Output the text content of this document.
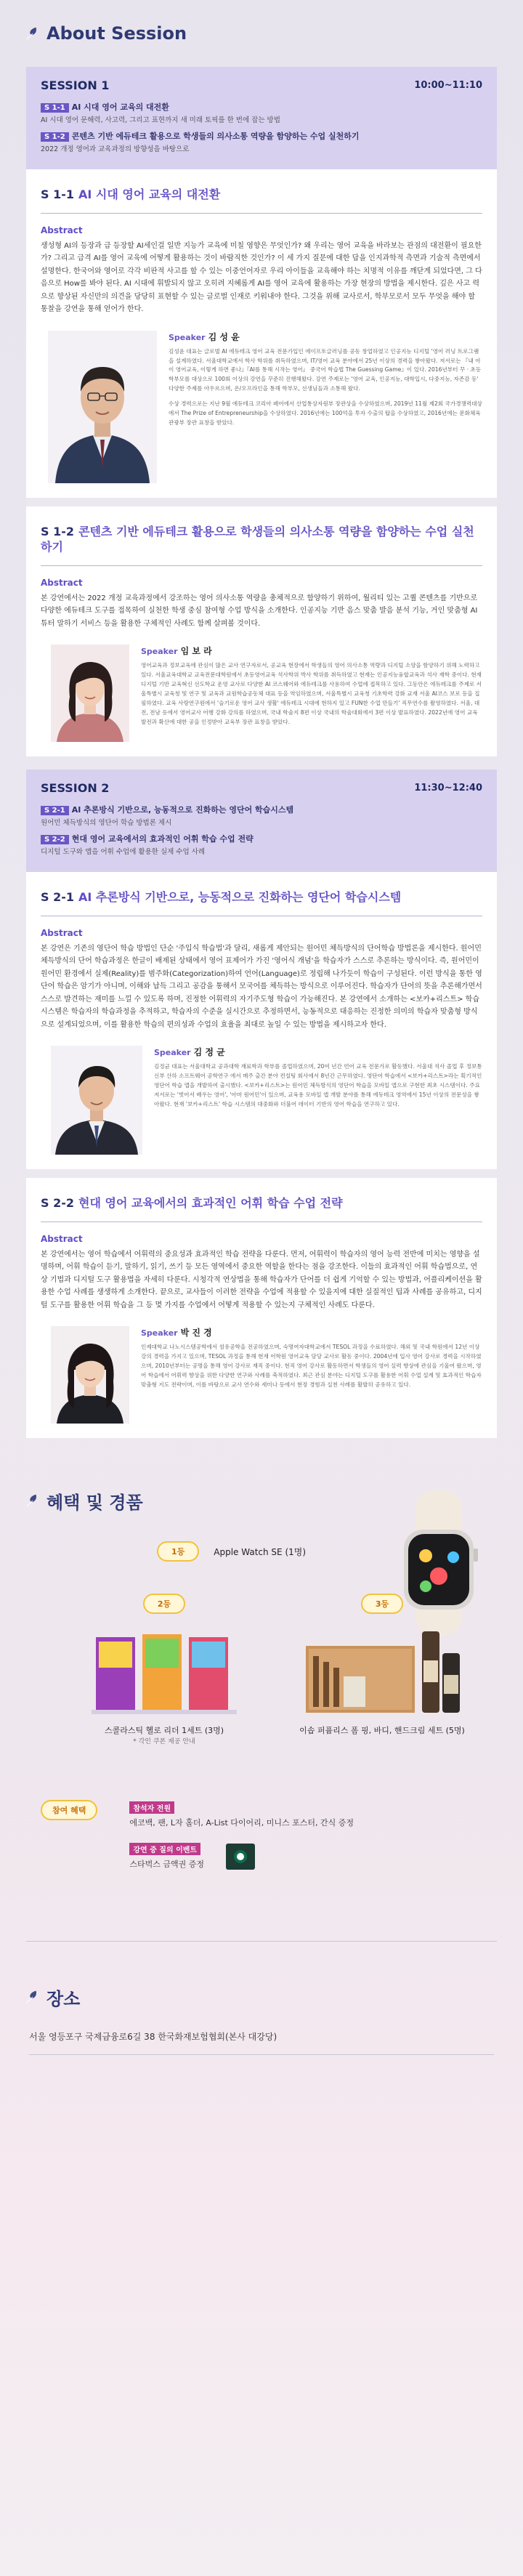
About Session
SESSION 1	10:00~11:10
S 1-1 AI 시대 영어 교육의 대전환
AI 시대 영어 문해력, 사고력, 그리고 표현까지 새 미래 토픽를 한 번에 잡는 방법
S 1-2 콘텐츠 기반 에듀테크 활용으로 학생들의 의사소통 역량을 함양하는 수업 실천하기
2022 개정 영어과 교육과정의 방향성을 바탕으로
S 1-1 AI 시대 영어 교육의 대전환
Abstract

생성형 AI의 등장과 급 등장할 AI세인걸 일반 지능가 교육에 미칠 영향은 무엇인가? 왜 우리는 영어 교육을 바라보는 관점의 대전환이 필요한가? 그리고 급격 AI를 영어 교육에 어떻게 활용하는 것이 바람직한 것인가? 이 세 가지 질문에 대한 답을 인지과학적 측면과 기술적 측면에서 설명한다. 한국어와 영어로 각각 비판적 사고를 할 수 있는 이중언어자로 우리 아이들을 교육해야 하는 치명적 이유를 깨닫게 되었다면, 그 다음으로 How를 봐야 된다. AI 시대에 휘발되지 않고 오히려 지혜롭게 AI를 영어 교육에 활용하는 가장 현장의 방법을 제시한다. 깊은 사고 력으로 향상된 자신만의 의견을 당당히 표현할 수 있는 글로벌 인재로 키워내야 한다. 그것을 위해 교사로서, 학부모로서 모두 무엇을 해야 할 통찰을 강연을 통해 얻어가 한다.

Speaker 김 성 윤

김성윤 대표는 글로벌 AI 에듀테크 영어 교육 전문가입인 에이프토글러닝를 공동 창업하였고 인공지능 디지털 '영어 러닝 트로그램을 설계하였다. 서울대학교에서 학사 학위를 취득하였으며, IT/영어 교육 분야에서 25년 이상의 경력을 쌓아왔다. 저서로는 『내 아이 영어교육, 이렇게 하면 좋나』『AI를 통해 시작는 영어』 중국어 학습법 The Guessing Game』이 있다. 2016년부터 꾸 · 초등 학부모를 대상으로 100회 이상의 강연을 꾸준히 진행해왔다. 강연 주제로는 '영어 교육, 인공지능, 대학입시, 다중지능, 자존감 등' 다양한 주제를 아우르으며, 온/오프라인을 통해 학부모, 선생님들과 소통해 왔다.

수상 경력으로는 지난 9월 에듀테크 코리아 페어에서 산업통상자원부 장관상을 수상하였으며, 2019년 11월 제2회 국가경쟁력대상에서 The Prize of Entrepreneurship을 수상하였다. 2016년에는 100억을 투자 수출의 탑을 수상하였고, 2016년에는 문화체육관광부 장관 표창을 받았다.

S 1-2 콘텐츠 기반 에듀테크 활용으로 학생들의 의사소통 역량을 함양하는 수업 실천하기
Abstract

본 강연에서는 2022 개정 교육과정에서 강조하는 영어 의사소통 역량을 총체적으로 함양하기 위하여, 월리티 있는 고퀄 콘텐츠를 기반으로 다양한 에듀테크 도구를 접목하여 실천한 학생 중심 참여형 수업 방식을 소개한다. 인공지능 기반 음스 맞춤 발음 분석 기능, 거인 맞춤형 AI 튜터 말하기 서비스 등을 활용한 구체적인 사례도 함께 살펴볼 것이다.

Speaker 임 보 라

영어교육과 정보교육에 관심이 많은 교사 연구자로서, 공교육 현장에서 학생들의 영어 의사소통 역량과 디지털 소양을 함양하기 위해 노력하고 있다. 서울교육대학교 교육전문대학원에서 초등영어교육 석사학위 박사 학위를 취득하였고 현재는 인공지능융합교육과 석사 재학 중이다. 현재 디지털 기반 교육혁신 선도학교 운영 교사로 다양한 AI 코스웨어와 에듀테크를 사용하여 수업에 접목하고 있다. 그동안은 에듀테크를 주제로 서울특별시 교육청 및 연구 및 교육과 교원학습공동체 대표 등을 역임하였으며, 서울특별시 교육청 기초학력 강화 교재 서울 AI코스 보로 등을 집필하였다. 교육 사랑연구원에서 '슬기로운 영어 교사 생활' 에듀테크 시대에 현하지 있고 FUN한 수업 만들기' 직무연수를 촬영하였다. 서울, 대전, 전남 등에서 영어교사 어행 강화 강의를 하였으며, 국내 학술지 8편 이상 국내의 학술대회에서 3편 이상 발표하였다. 2022년에 영어 교육 발전과 확산에 대한 공을 인정받아 교육부 장관 표창을 받았다.

SESSION 2	11:30~12:40
S 2-1 AI 추론방식 기반으로, 능동적으로 진화하는 영단어 학습시스템
원어민 체득방식의 영단어 학습 방법론 제시
S 2-2 현대 영어 교육에서의 효과적인 어휘 학습 수업 전략
디지털 도구와 앱을 어휘 수업에 활용한 실제 수업 사례
S 2-1 AI 추론방식 기반으로, 능동적으로 진화하는 영단어 학습시스템
Abstract

본 강연은 기존의 영단어 학습 방법인 단순 '주입식 학습법'과 달리, 새롭게 제안되는 원어민 체득방식의 단어학습 방법론을 제시한다. 원어민 체득방식의 단어 학습과정은 한글이 배제된 상태에서 영어 표제어가 가진 '영어식 개념'을 학습자가 스스로 추론하는 방식이다. 즉, 원어민이 원어민 환경에서 실제(Reality)를 범주화(Categorization)하여 언어(Language)로 정립해 나가듯이 학습이 구성된다. 이런 방식을 통한 영단어 학습은 암기가 아니며, 이해와 납득 그리고 공감을 통해서 모국어를 체득하는 방식으로 이루어진다. 학습자가 단어의 뜻을 추론해가면서 스스로 발견하는 재미를 느낄 수 있도록 하며, 진정한 어휘력의 자기주도형 학습이 가능해진다. 본 강연에서 소개하는 <보카+리스트> 학습시스템은 학습자의 학습과정을 추적하고, 학습자의 수준을 실시간으로 추정하면서, 능동적으로 대응하는 진정한 의미의 학습자 맞춤형 방식으로 설계되었으며, 이를 활용한 학습의 편의성과 수업의 효율을 최대로 높일 수 있는 방법을 제시하고자 한다.

Speaker 김 정 균

김정균 대표는 서울대학교 공과대학 재료학과 학부를 졸업하였으며, 20여 년간 언어 교육 전문가로 활동했다. 서울대 석사 졸업 후 정보통신부 산하 소프트웨어 공학연구 에서 매주 출간 분야 컨설팅 회사에서 8년간 근무하였다. 영단어 학습에서 <보카+리스트>라는 획기적인 영단어 학습 앱을 개발하여 출시했다. <보카+리스트>는 원어민 체득방식의 영단어 학습을 모바일 앱으로 구현한 최초 시스템이다. 주요 저서로는 '벗어서 배우는 영어', '아마 원어민'이 있으며, 교육용 모바일 앱 개발 분야를 통해 에듀테크 영역에서 15년 이상의 전문성을 쌓아왔다. 현재 '보카+리스트' 학습 시스템의 대중화와 더불어 데이터 기반의 영어 학습을 연구하고 있다.

S 2-2 현대 영어 교육에서의 효과적인 어휘 학습 수업 전략
Abstract

본 강연에서는 영어 학습에서 어휘력의 중요성과 효과적인 학습 전략을 다룬다. 먼저, 어휘력이 학습자의 영어 능력 전반에 미치는 영향을 설명하며, 어휘 학습이 듣기, 말하기, 읽기, 쓰기 등 모든 영역에서 중요한 역할을 한다는 점을 강조한다. 이들의 효과적인 어휘 학습법으로, 연상 기법과 디지털 도구 활용법을 자세히 다룬다. 시청각적 연상법을 통해 학습자가 단어를 더 쉽게 기억할 수 있는 방법과, 어플리케이션을 활용한 수업 사례를 생생하게 소개한다. 끝으로, 교사들이 이러한 전략을 수업에 적용할 수 있을지에 대한 실질적인 팁과 사례를 공유하고, 디지털 도구를 활용한 어휘 학습을 그 등 몇 가지를 수업에서 어떻게 적용할 수 있는지 구체적인 사례도 다룬다.

Speaker 박 진 경

인제대학교 나노시스템공학에서 섬유공학을 전공하였으며, 숙명여자대학교에서 TESOL 과정을 수료하였다. 해외 및 국내 학원에서 12년 이상 강의 경력을 가지고 있으며, TESOL 과정을 통해 현재 어학원 영어교육 담당 교사로 활동 중이다. 2004년에 입사 영어 강사로 경력을 시작하였으며, 2010년부터는 공명을 통해 영어 강사로 재직 중이다. 현직 영어 강사로 활동하면서 학생들의 영어 실력 향상에 관심을 기울여 왔으며, 영어 학습에서 어휘력 향상을 위한 다양한 연구와 사례를 축적하였다. 최근 관심 분야는 디지털 도구를 활용한 어휘 수업 설계 및 효과적인 학습자 맞춤형 지도 전략이며, 이를 바탕으로 교사 연수와 세미나 등에서 현장 경험과 실천 사례를 활발히 공유하고 있다.

혜택 및 경품
1등	Apple Watch SE (1명)
2등
스콜라스틱 헬로 리더 1세트 (3명)
* 각인 쿠폰 제공 안내
3등
이솝 퍼퓸리스 폼 핑, 바디, 핸드크림 세트 (5명)
참여 혜택	참석자 전원
에코백, 팬, L자 홀더, A-List 다이어리, 미니스 포스터, 간식 증정
강연 중 질의 이벤트
스타벅스 금액권 증정
장소
서울 영등포구 국제금융로6길 38 한국화재보험협회(본사 대강당)
